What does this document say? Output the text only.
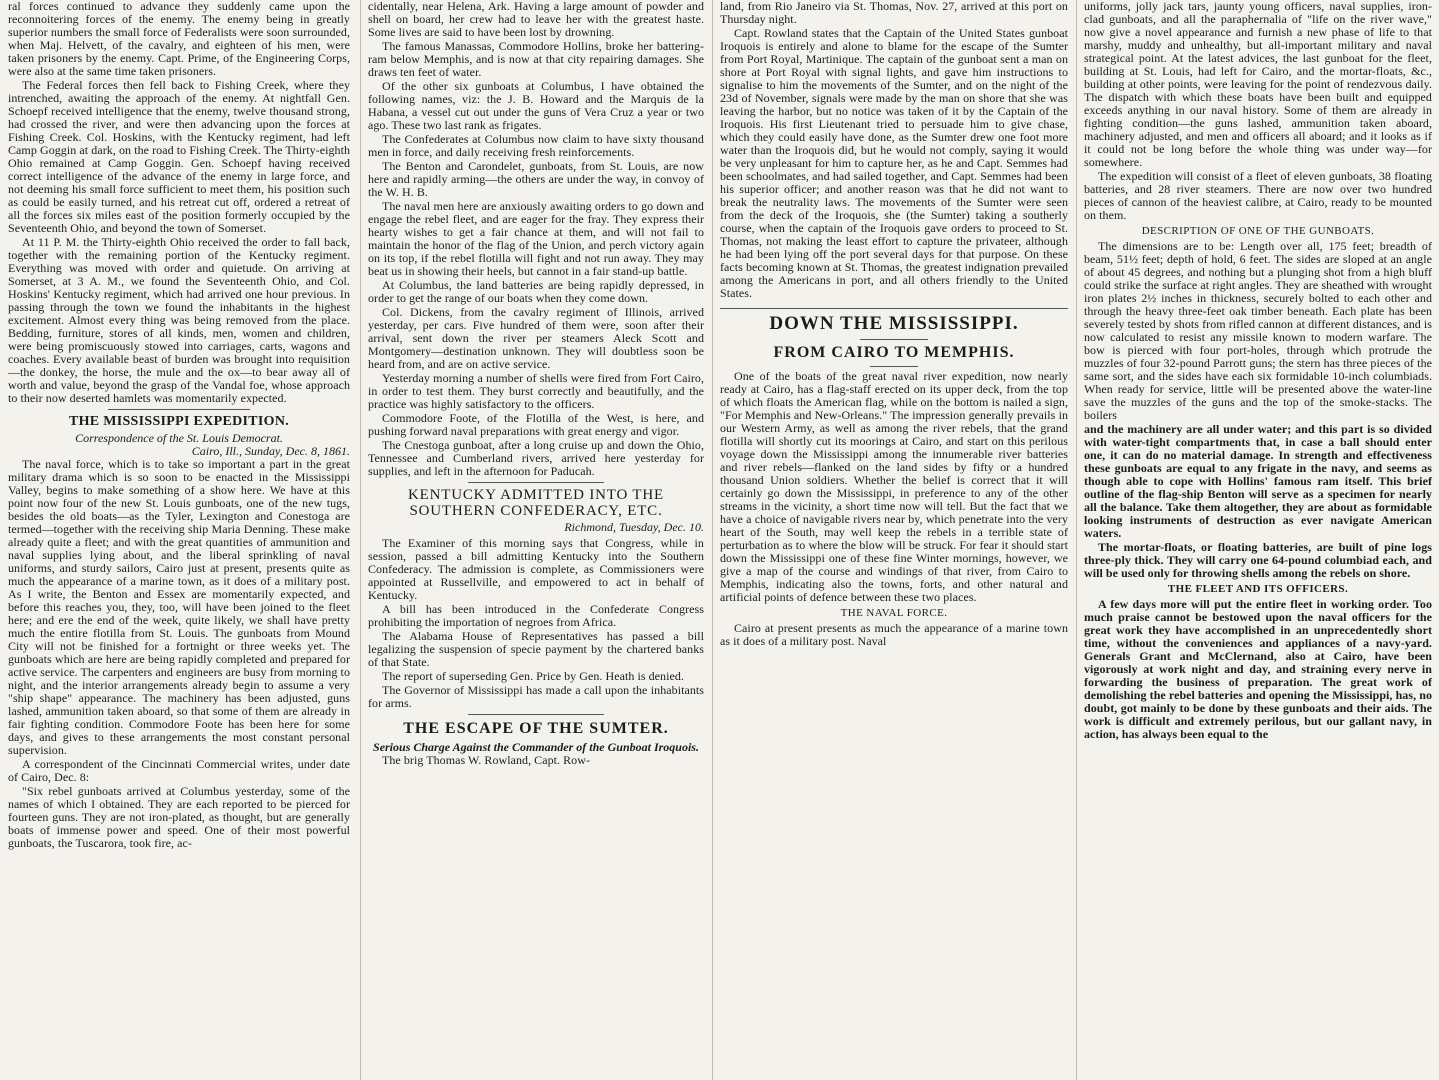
ral forces continued to advance they suddenly came upon the reconnoitering forces of the enemy. The enemy being in greatly superior numbers the small force of Federalists were soon surrounded, when Maj. Helvett, of the cavalry, and eighteen of his men, were taken prisoners by the enemy. Capt. Prime, of the Engineering Corps, were also at the same time taken prisoners.
The Federal forces then fell back to Fishing Creek, where they intrenched, awaiting the approach of the enemy. At nightfall Gen. Schoepf received intelligence that the enemy, twelve thousand strong, had crossed the river, and were then advancing upon the forces at Fishing Creek. Col. Hoskins, with the Kentucky regiment, had left Camp Goggin at dark, on the road to Fishing Creek. The Thirty-eighth Ohio remained at Camp Goggin. Gen. Schoepf having received correct intelligence of the advance of the enemy in large force, and not deeming his small force sufficient to meet them, his position such as could be easily turned, and his retreat cut off, ordered a retreat of all the forces six miles east of the position formerly occupied by the Seventeenth Ohio, and beyond the town of Somerset.
At 11 P. M. the Thirty-eighth Ohio received the order to fall back, together with the remaining portion of the Kentucky regiment. Everything was moved with order and quietude. On arriving at Somerset, at 3 A. M., we found the Seventeenth Ohio, and Col. Hoskins' Kentucky regiment, which had arrived one hour previous. In passing through the town we found the inhabitants in the highest excitement. Almost every thing was being removed from the place. Bedding, furniture, stores of all kinds, men, women and children, were being promiscuously stowed into carriages, carts, wagons and coaches. Every available beast of burden was brought into requisition—the donkey, the horse, the mule and the ox—to bear away all of worth and value, beyond the grasp of the Vandal foe, whose approach to their now deserted hamlets was momentarily expected.
THE MISSISSIPPI EXPEDITION.
Correspondence of the St. Louis Democrat.
Cairo, Ill., Sunday, Dec. 8, 1861.
The naval force, which is to take so important a part in the great military drama which is so soon to be enacted in the Mississippi Valley, begins to make something of a show here. We have at this point now four of the new St. Louis gunboats, one of the new tugs, besides the old boats—as the Tyler, Lexington and Conestoga are termed—together with the receiving ship Maria Denning. These make already quite a fleet; and with the great quantities of ammunition and naval supplies lying about, and the liberal sprinkling of naval uniforms, and sturdy sailors, Cairo just at present, presents quite as much the appearance of a marine town, as it does of a military post. As I write, the Benton and Essex are momentarily expected, and before this reaches you, they, too, will have been joined to the fleet here; and ere the end of the week, quite likely, we shall have pretty much the entire flotilla from St. Louis. The gunboats from Mound City will not be finished for a fortnight or three weeks yet. The gunboats which are here are being rapidly completed and prepared for active service. The carpenters and engineers are busy from morning to night, and the interior arrangements already begin to assume a very "ship shape" appearance. The machinery has been adjusted, guns lashed, ammunition taken aboard, so that some of them are already in fair fighting condition. Commodore Foote has been here for some days, and gives to these arrangements the most constant personal supervision.
A correspondent of the Cincinnati Commercial writes, under date of Cairo, Dec. 8:
"Six rebel gunboats arrived at Columbus yesterday, some of the names of which I obtained. They are each reported to be pierced for fourteen guns. They are not iron-plated, as thought, but are generally boats of immense power and speed. One of their most powerful gunboats, the Tuscarora, took fire, ac-
cidentally, near Helena, Ark. Having a large amount of powder and shell on board, her crew had to leave her with the greatest haste. Some lives are said to have been lost by drowning.
The famous Manassas, Commodore Hollins, broke her battering-ram below Memphis, and is now at that city repairing damages. She draws ten feet of water.
Of the other six gunboats at Columbus, I have obtained the following names, viz: the J. B. Howard and the Marquis de la Habana, a vessel cut out under the guns of Vera Cruz a year or two ago. These two last rank as frigates.
The Confederates at Columbus now claim to have sixty thousand men in force, and daily receiving fresh reinforcements.
The Benton and Carondelet, gunboats, from St. Louis, are now here and rapidly arming—the others are under the way, in convoy of the W. H. B.
The naval men here are anxiously awaiting orders to go down and engage the rebel fleet, and are eager for the fray. They express their hearty wishes to get a fair chance at them, and will not fail to maintain the honor of the flag of the Union, and perch victory again on its top, if the rebel flotilla will fight and not run away. They may beat us in showing their heels, but cannot in a fair stand-up battle.
At Columbus, the land batteries are being rapidly depressed, in order to get the range of our boats when they come down.
Col. Dickens, from the cavalry regiment of Illinois, arrived yesterday, per cars. Five hundred of them were, soon after their arrival, sent down the river per steamers Aleck Scott and Montgomery—destination unknown. They will doubtless soon be heard from, and are on active service.
Yesterday morning a number of shells were fired from Fort Cairo, in order to test them. They burst correctly and beautifully, and the practice was highly satisfactory to the officers.
Commodore Foote, of the Flotilla of the West, is here, and pushing forward naval preparations with great energy and vigor.
The Cnestoga gunboat, after a long cruise up and down the Ohio, Tennessee and Cumberland rivers, arrived here yesterday for supplies, and left in the afternoon for Paducah.
KENTUCKY ADMITTED INTO THE SOUTHERN CONFEDERACY, ETC.
Richmond, Tuesday, Dec. 10.
The Examiner of this morning says that Congress, while in session, passed a bill admitting Kentucky into the Southern Confederacy. The admission is complete, as Commissioners were appointed at Russellville, and empowered to act in behalf of Kentucky.
A bill has been introduced in the Confederate Congress prohibiting the importation of negroes from Africa.
The Alabama House of Representatives has passed a bill legalizing the suspension of specie payment by the chartered banks of that State.
The report of superseding Gen. Price by Gen. Heath is denied.
The Governor of Mississippi has made a call upon the inhabitants for arms.
THE ESCAPE OF THE SUMTER.
Serious Charge Against the Commander of the Gunboat Iroquois.
The brig Thomas W. Rowland, Capt. Row-
land, from Rio Janeiro via St. Thomas, Nov. 27, arrived at this port on Thursday night.
Capt. Rowland states that the Captain of the United States gunboat Iroquois is entirely and alone to blame for the escape of the Sumter from Port Royal, Martinique. The captain of the gunboat sent a man on shore at Port Royal with signal lights, and gave him instructions to signalise to him the movements of the Sumter, and on the night of the 23d of November, signals were made by the man on shore that she was leaving the harbor, but no notice was taken of it by the Captain of the Iroquois. His first Lieutenant tried to persuade him to give chase, which they could easily have done, as the Sumter drew one foot more water than the Iroquois did, but he would not comply, saying it would be very unpleasant for him to capture her, as he and Capt. Semmes had been schoolmates, and had sailed together, and Capt. Semmes had been his superior officer; and another reason was that he did not want to break the neutrality laws. The movements of the Sumter were seen from the deck of the Iroquois, she (the Sumter) taking a southerly course, when the captain of the Iroquois gave orders to proceed to St. Thomas, not making the least effort to capture the privateer, although he had been lying off the port several days for that purpose. On these facts becoming known at St. Thomas, the greatest indignation prevailed among the Americans in port, and all others friendly to the United States.
DOWN THE MISSISSIPPI.
FROM CAIRO TO MEMPHIS.
One of the boats of the great naval river expedition, now nearly ready at Cairo, has a flag-staff erected on its upper deck, from the top of which floats the American flag, while on the bottom is nailed a sign, "For Memphis and New-Orleans." The impression generally prevails in our Western Army, as well as among the river rebels, that the grand flotilla will shortly cut its moorings at Cairo, and start on this perilous voyage down the Mississippi among the innumerable river batteries and river rebels—flanked on the land sides by fifty or a hundred thousand Union soldiers. Whether the belief is correct that it will certainly go down the Mississippi, in preference to any of the other streams in the vicinity, a short time now will tell. But the fact that we have a choice of navigable rivers near by, which penetrate into the very heart of the South, may well keep the rebels in a terrible state of perturbation as to where the blow will be struck. For fear it should start down the Mississippi one of these fine Winter mornings, however, we give a map of the course and windings of that river, from Cairo to Memphis, indicating also the towns, forts, and other natural and artificial points of defence between these two places.
THE NAVAL FORCE.
Cairo at present presents as much the appearance of a marine town as it does of a military post. Naval
uniforms, jolly jack tars, jaunty young officers, naval supplies, iron-clad gunboats, and all the paraphernalia of "life on the river wave," now give a novel appearance and furnish a new phase of life to that marshy, muddy and unhealthy, but all-important military and naval strategical point. At the latest advices, the last gunboat for the fleet, building at St. Louis, had left for Cairo, and the mortar-floats, &c., building at other points, were leaving for the point of rendezvous daily. The dispatch with which these boats have been built and equipped exceeds anything in our naval history. Some of them are already in fighting condition—the guns lashed, ammunition taken aboard, machinery adjusted, and men and officers all aboard; and it looks as if it could not be long before the whole thing was under way—for somewhere.
The expedition will consist of a fleet of eleven gunboats, 38 floating batteries, and 28 river steamers. There are now over two hundred pieces of cannon of the heaviest calibre, at Cairo, ready to be mounted on them.
DESCRIPTION OF ONE OF THE GUNBOATS.
The dimensions are to be: Length over all, 175 feet; breadth of beam, 51½ feet; depth of hold, 6 feet. The sides are sloped at an angle of about 45 degrees, and nothing but a plunging shot from a high bluff could strike the surface at right angles. They are sheathed with wrought iron plates 2½ inches in thickness, securely bolted to each other and through the heavy three-feet oak timber beneath. Each plate has been severely tested by shots from rifled cannon at different distances, and is now calculated to resist any missile known to modern warfare. The bow is pierced with four port-holes, through which protrude the muzzles of four 32-pound Parrott guns; the stern has three pieces of the same sort, and the sides have each six formidable 10-inch columbiads. When ready for service, little will be presented above the water-line save the muzzles of the guns and the top of the smoke-stacks. The boilers
and the machinery are all under water; and this part is so divided with water-tight compartments that, in case a ball should enter one, it can do no material damage. In strength and effectiveness these gunboats are equal to any frigate in the navy, and seems as though able to cope with Hollins' famous ram itself. This brief outline of the flag-ship Benton will serve as a specimen for nearly all the balance. Take them altogether, they are about as formidable looking instruments of destruction as ever navigate American waters.
The mortar-floats, or floating batteries, are built of pine logs three-ply thick. They will carry one 64-pound columbiad each, and will be used only for throwing shells among the rebels on shore.
THE FLEET AND ITS OFFICERS.
A few days more will put the entire fleet in working order. Too much praise cannot be bestowed upon the naval officers for the great work they have accomplished in an unprecedentedly short time, without the conveniences and appliances of a navy-yard. Generals Grant and McClernand, also at Cairo, have been vigorously at work night and day, and straining every nerve in forwarding the business of preparation. The great work of demolishing the rebel batteries and opening the Mississippi, has, no doubt, got mainly to be done by these gunboats and their aids. The work is difficult and extremely perilous, but our gallant navy, in action, has always been equal to the
